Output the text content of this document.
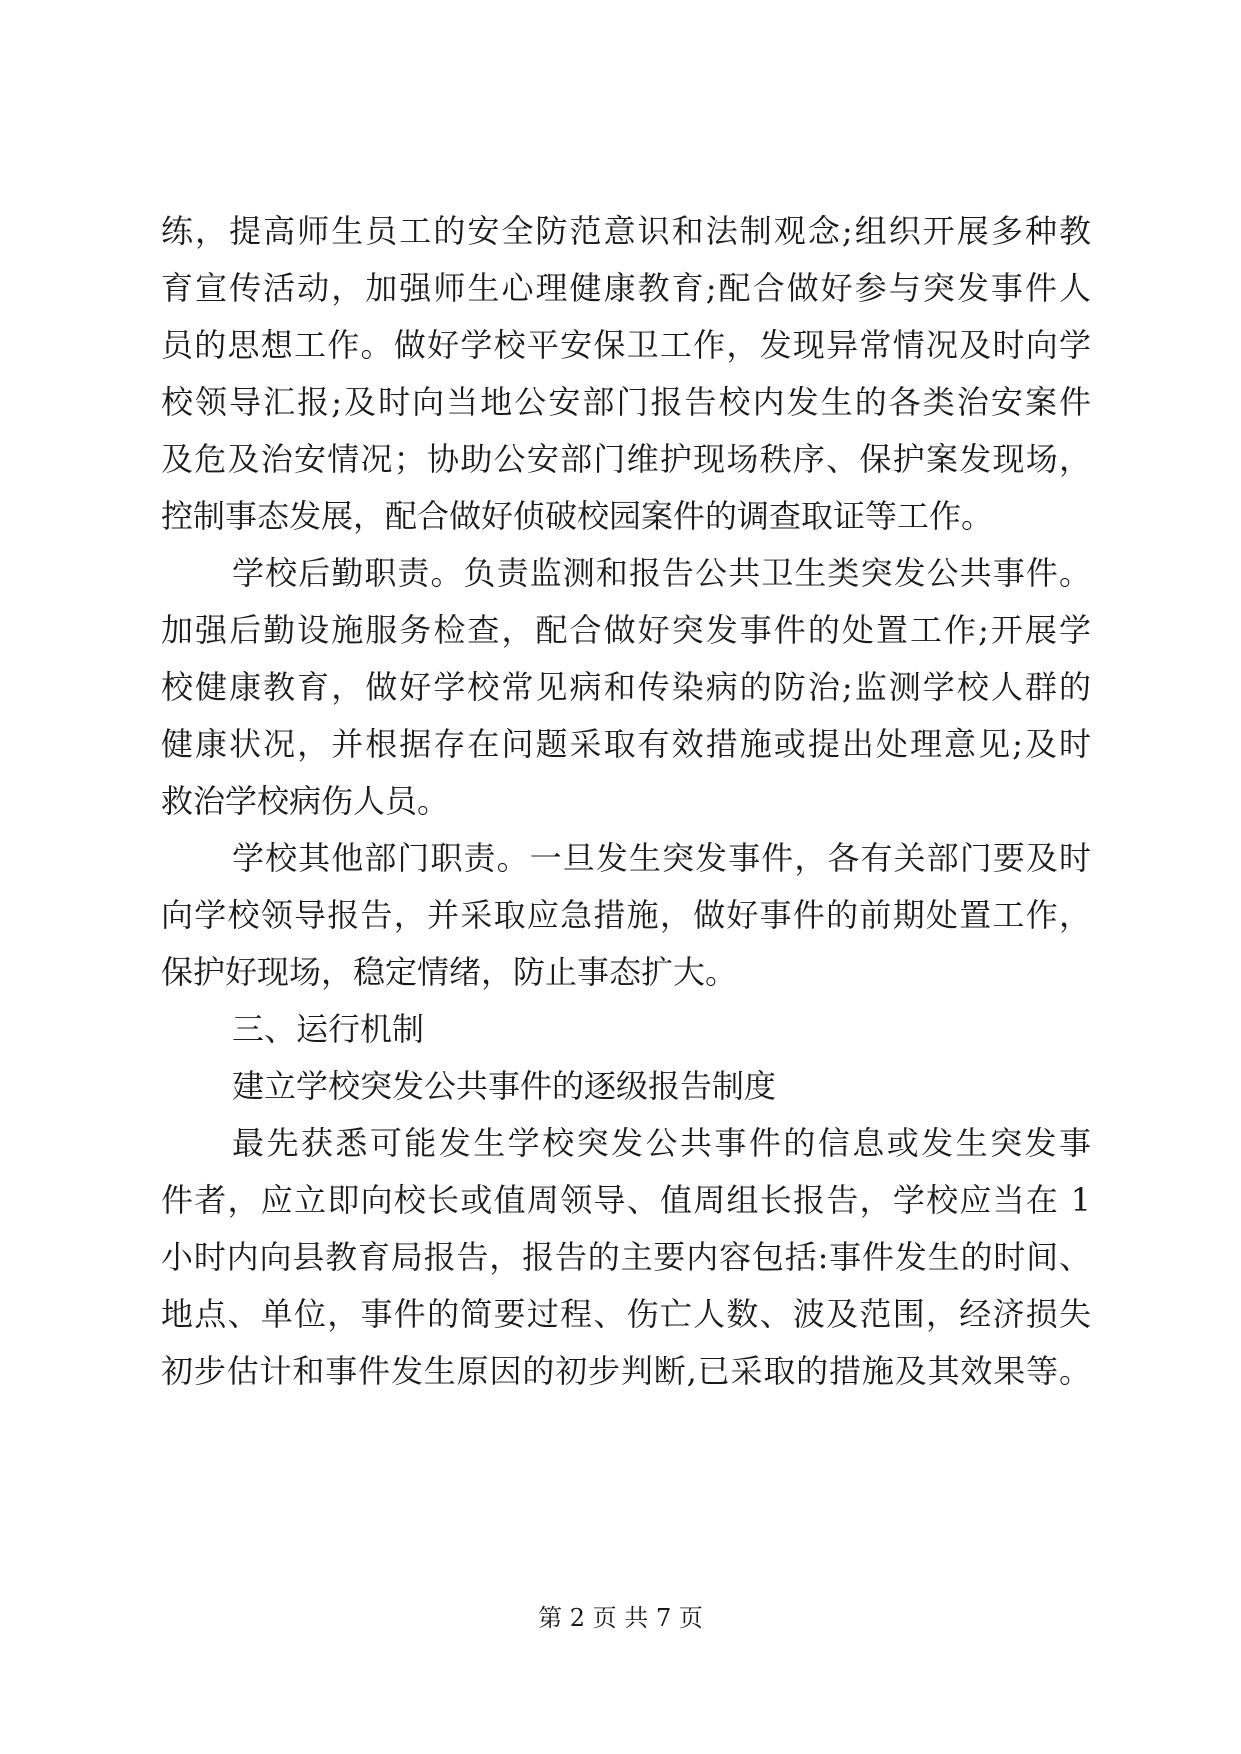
练，提高师生员工的安全防范意识和法制观念;组织开展多种教
育宣传活动，加强师生心理健康教育;配合做好参与突发事件人
员的思想工作。做好学校平安保卫工作，发现异常情况及时向学
校领导汇报;及时向当地公安部门报告校内发生的各类治安案件
及危及治安情况；协助公安部门维护现场秩序、保护案发现场，
控制事态发展，配合做好侦破校园案件的调查取证等工作。
学校后勤职责。负责监测和报告公共卫生类突发公共事件。
加强后勤设施服务检查，配合做好突发事件的处置工作;开展学
校健康教育，做好学校常见病和传染病的防治;监测学校人群的
健康状况，并根据存在问题采取有效措施或提出处理意见;及时
救治学校病伤人员。
学校其他部门职责。一旦发生突发事件，各有关部门要及时
向学校领导报告，并采取应急措施，做好事件的前期处置工作，
保护好现场，稳定情绪，防止事态扩大。
三、运行机制
建立学校突发公共事件的逐级报告制度
最先获悉可能发生学校突发公共事件的信息或发生突发事
件者，应立即向校长或值周领导、值周组长报告，学校应当在 1
小时内向县教育局报告，报告的主要内容包括:事件发生的时间、
地点、单位，事件的简要过程、伤亡人数、波及范围，经济损失
初步估计和事件发生原因的初步判断,已采取的措施及其效果等。
第 2 页 共 7 页
